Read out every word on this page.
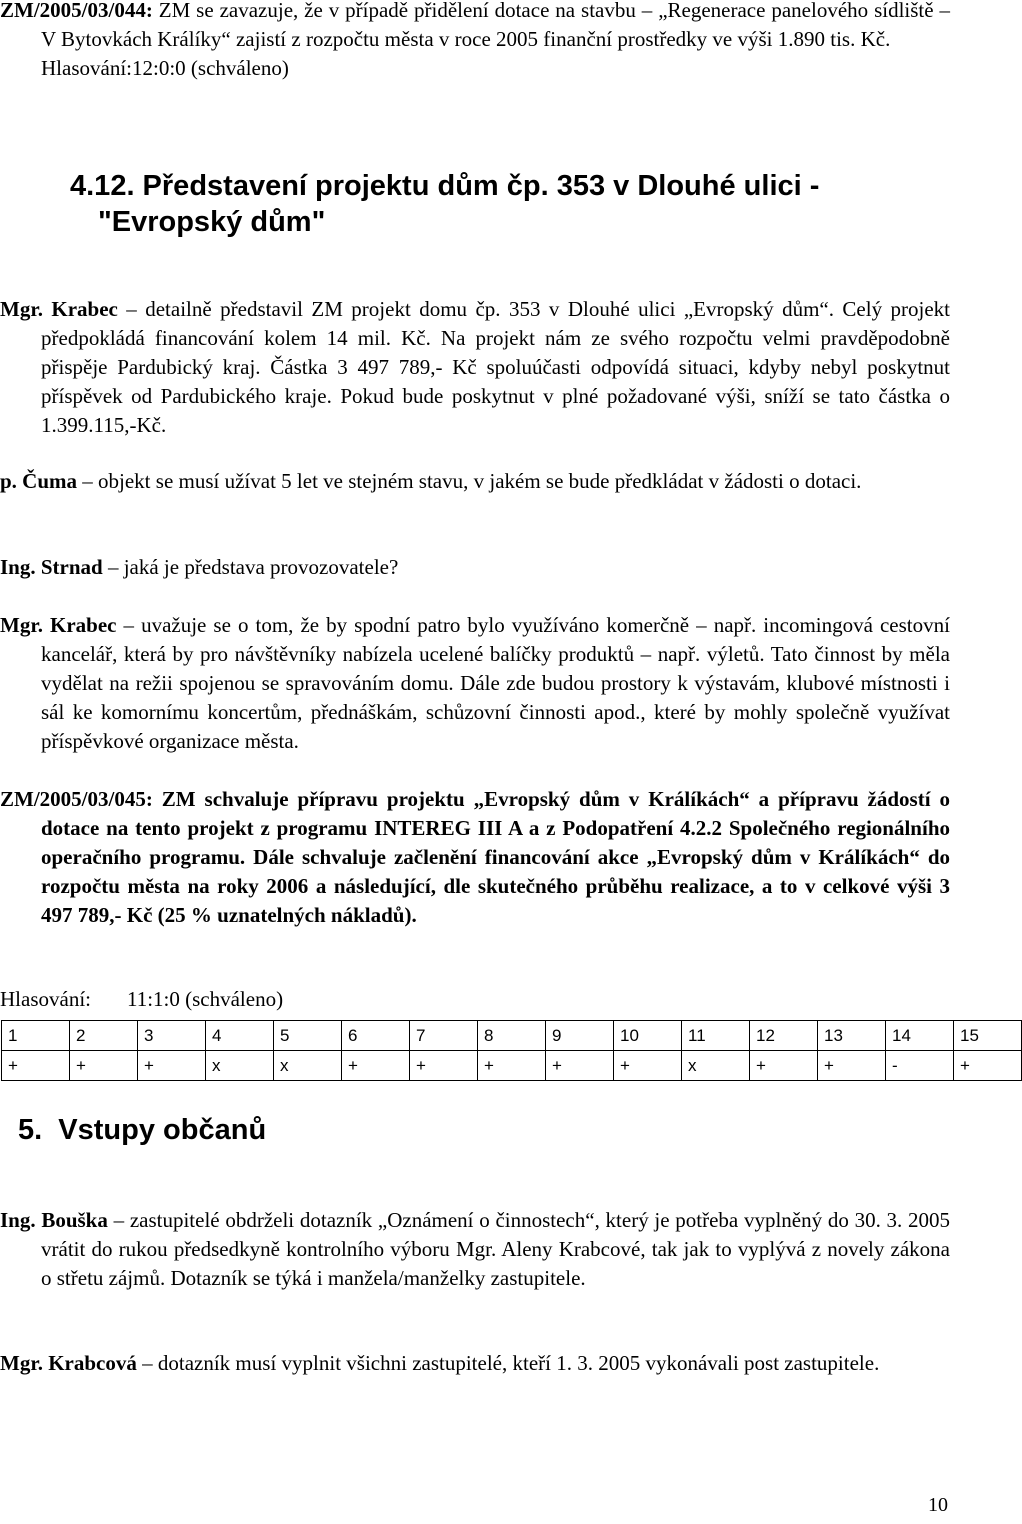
ZM/2005/03/044: ZM se zavazuje, že v případě přidělení dotace na stavbu – „Regenerace panelového sídliště – V Bytovkách Králíky“ zajistí z rozpočtu města v roce 2005 finanční prostředky ve výši 1.890 tis. Kč.

Hlasování:12:0:0 (schváleno)

4.12. Představení projektu dům čp. 353 v Dlouhé ulici -
"Evropský dům"

Mgr. Krabec – detailně představil ZM projekt domu čp. 353 v Dlouhé ulici „Evropský dům“. Celý projekt předpokládá financování kolem 14 mil. Kč. Na projekt nám ze svého rozpočtu velmi pravděpodobně přispěje Pardubický kraj. Částka 3 497 789,- Kč spoluúčasti odpovídá situaci, kdyby nebyl poskytnut příspěvek od Pardubického kraje. Pokud bude poskytnut v plné požadované výši, sníží se tato částka o 1.399.115,-Kč.

p. Čuma – objekt se musí užívat 5 let ve stejném stavu, v jakém se bude předkládat v žádosti o dotaci.

Ing. Strnad – jaká je představa provozovatele?

Mgr. Krabec – uvažuje se o tom, že by spodní patro bylo využíváno komerčně – např. incomingová cestovní kancelář, která by pro návštěvníky nabízela ucelené balíčky produktů – např. výletů. Tato činnost by měla vydělat na režii spojenou se spravováním domu. Dále zde budou prostory k výstavám, klubové místnosti i sál ke komornímu koncertům, přednáškám, schůzovní činnosti apod., které by mohly společně využívat příspěvkové organizace města.

ZM/2005/03/045: ZM schvaluje přípravu projektu „Evropský dům v Králíkách“ a přípravu žádostí o dotace na tento projekt z programu INTEREG III A a z Podopatření 4.2.2 Společného regionálního operačního programu. Dále schvaluje začlenění financování akce „Evropský dům v Králíkách“ do rozpočtu města na roky 2006 a následující, dle skutečného průběhu realizace, a to v celkové výši 3 497 789,- Kč (25 % uznatelných nákladů).

Hlasování: 11:1:0 (schváleno)
1	2	3	4	5	6	7	8	9	10	11	12	13	14	15
+	+	+	x	x	+	+	+	+	+	x	+	+	-	+
5.  Vstupy občanů

Ing. Bouška – zastupitelé obdrželi dotazník „Oznámení o činnostech“, který je potřeba vyplněný do 30. 3. 2005 vrátit do rukou předsedkyně kontrolního výboru Mgr. Aleny Krabcové, tak jak to vyplývá z novely zákona o střetu zájmů. Dotazník se týká i manžela/manželky zastupitele.

Mgr. Krabcová – dotazník musí vyplnit všichni zastupitelé, kteří 1. 3. 2005 vykonávali post zastupitele.

10
